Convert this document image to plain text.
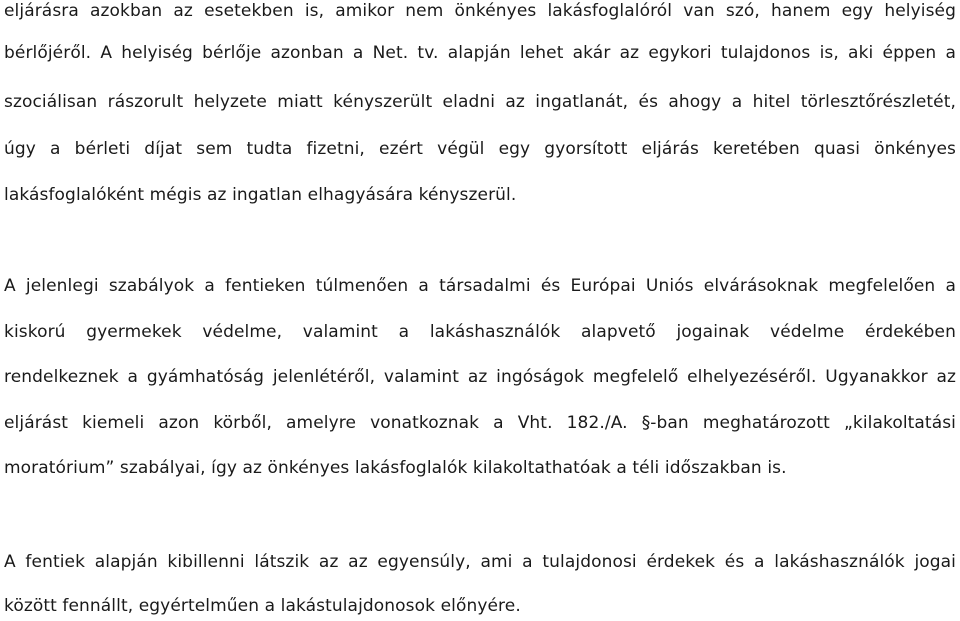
eljárásra azokban az esetekben is, amikor nem önkényes lakásfoglalóról van szó, hanem egy helyiség
bérlőjéről. A helyiség bérlője azonban a Net. tv. alapján lehet akár az egykori tulajdonos is, aki éppen a
szociálisan rászorult helyzete miatt kényszerült eladni az ingatlanát, és ahogy a hitel törlesztőrészletét,
úgy a bérleti díjat sem tudta fizetni, ezért végül egy gyorsított eljárás keretében quasi önkényes
lakásfoglalóként mégis az ingatlan elhagyására kényszerül.
A jelenlegi szabályok a fentieken túlmenően a társadalmi és Európai Uniós elvárásoknak megfelelően a
kiskorú gyermekek védelme, valamint a lakáshasználók alapvető jogainak védelme érdekében
rendelkeznek a gyámhatóság jelenlétéről, valamint az ingóságok megfelelő elhelyezéséről. Ugyanakkor az
eljárást kiemeli azon körből, amelyre vonatkoznak a Vht. 182./A. §-ban meghatározott „kilakoltatási
moratórium” szabályai, így az önkényes lakásfoglalók kilakoltathatóak a téli időszakban is.
A fentiek alapján kibillenni látszik az az egyensúly, ami a tulajdonosi érdekek és a lakáshasználók jogai
között fennállt, egyértelműen a lakástulajdonosok előnyére.
